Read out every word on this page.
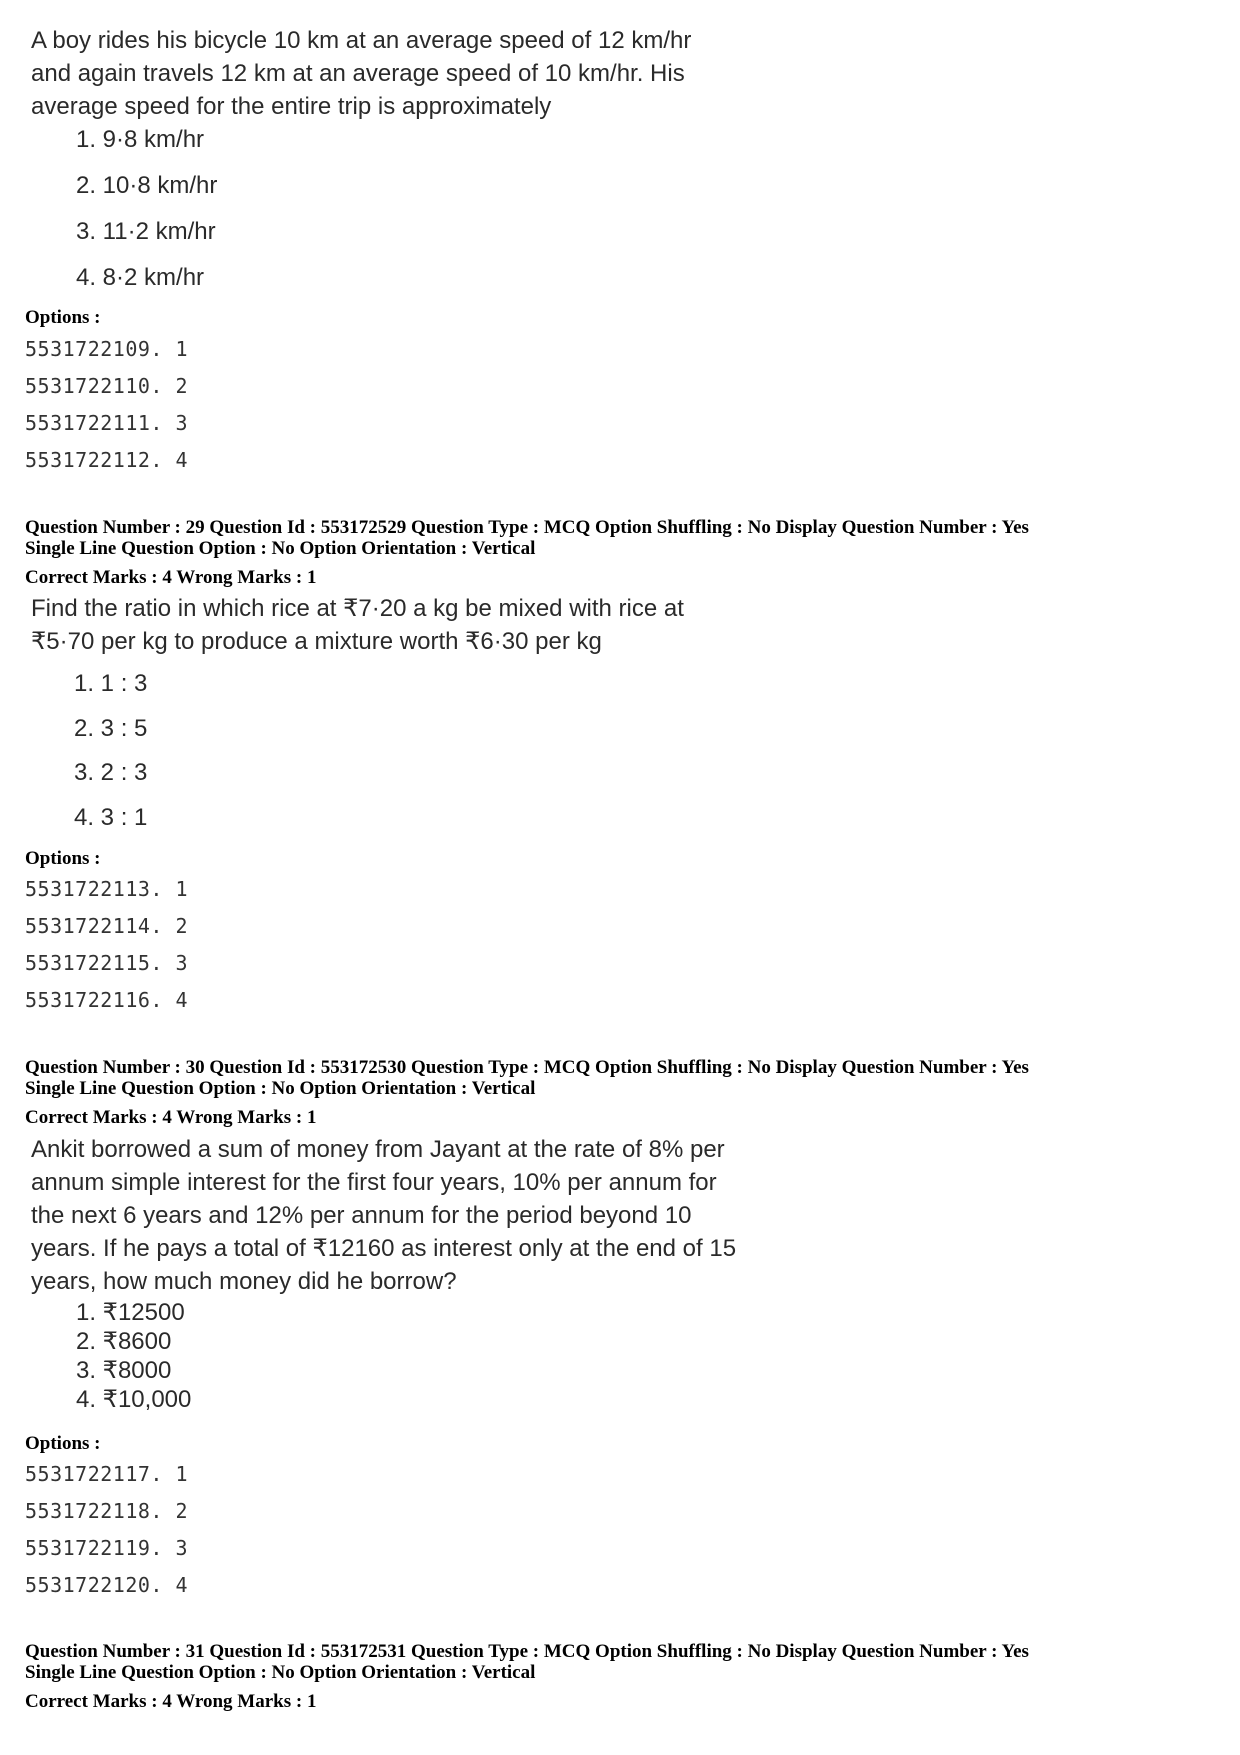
A boy rides his bicycle 10 km at an average speed of 12 km/hr
and again travels 12 km at an average speed of 10 km/hr. His
average speed for the entire trip is approximately
1. 9·8 km/hr
2. 10·8 km/hr
3. 11·2 km/hr
4. 8·2 km/hr
Options :
5531722109. 1
5531722110. 2
5531722111. 3
5531722112. 4
Question Number : 29 Question Id : 553172529 Question Type : MCQ Option Shuffling : No Display Question Number : Yes
Single Line Question Option : No Option Orientation : Vertical
Correct Marks : 4 Wrong Marks : 1
Find the ratio in which rice at ₹7·20 a kg be mixed with rice at
₹5·70 per kg to produce a mixture worth ₹6·30 per kg
1. 1 : 3
2. 3 : 5
3. 2 : 3
4. 3 : 1
Options :
5531722113. 1
5531722114. 2
5531722115. 3
5531722116. 4
Question Number : 30 Question Id : 553172530 Question Type : MCQ Option Shuffling : No Display Question Number : Yes
Single Line Question Option : No Option Orientation : Vertical
Correct Marks : 4 Wrong Marks : 1
Ankit borrowed a sum of money from Jayant at the rate of 8% per
annum simple interest for the first four years, 10% per annum for
the next 6 years and 12% per annum for the period beyond 10
years. If he pays a total of ₹12160 as interest only at the end of 15
years, how much money did he borrow?
1. ₹12500
2. ₹8600
3. ₹8000
4. ₹10,000
Options :
5531722117. 1
5531722118. 2
5531722119. 3
5531722120. 4
Question Number : 31 Question Id : 553172531 Question Type : MCQ Option Shuffling : No Display Question Number : Yes
Single Line Question Option : No Option Orientation : Vertical
Correct Marks : 4 Wrong Marks : 1
